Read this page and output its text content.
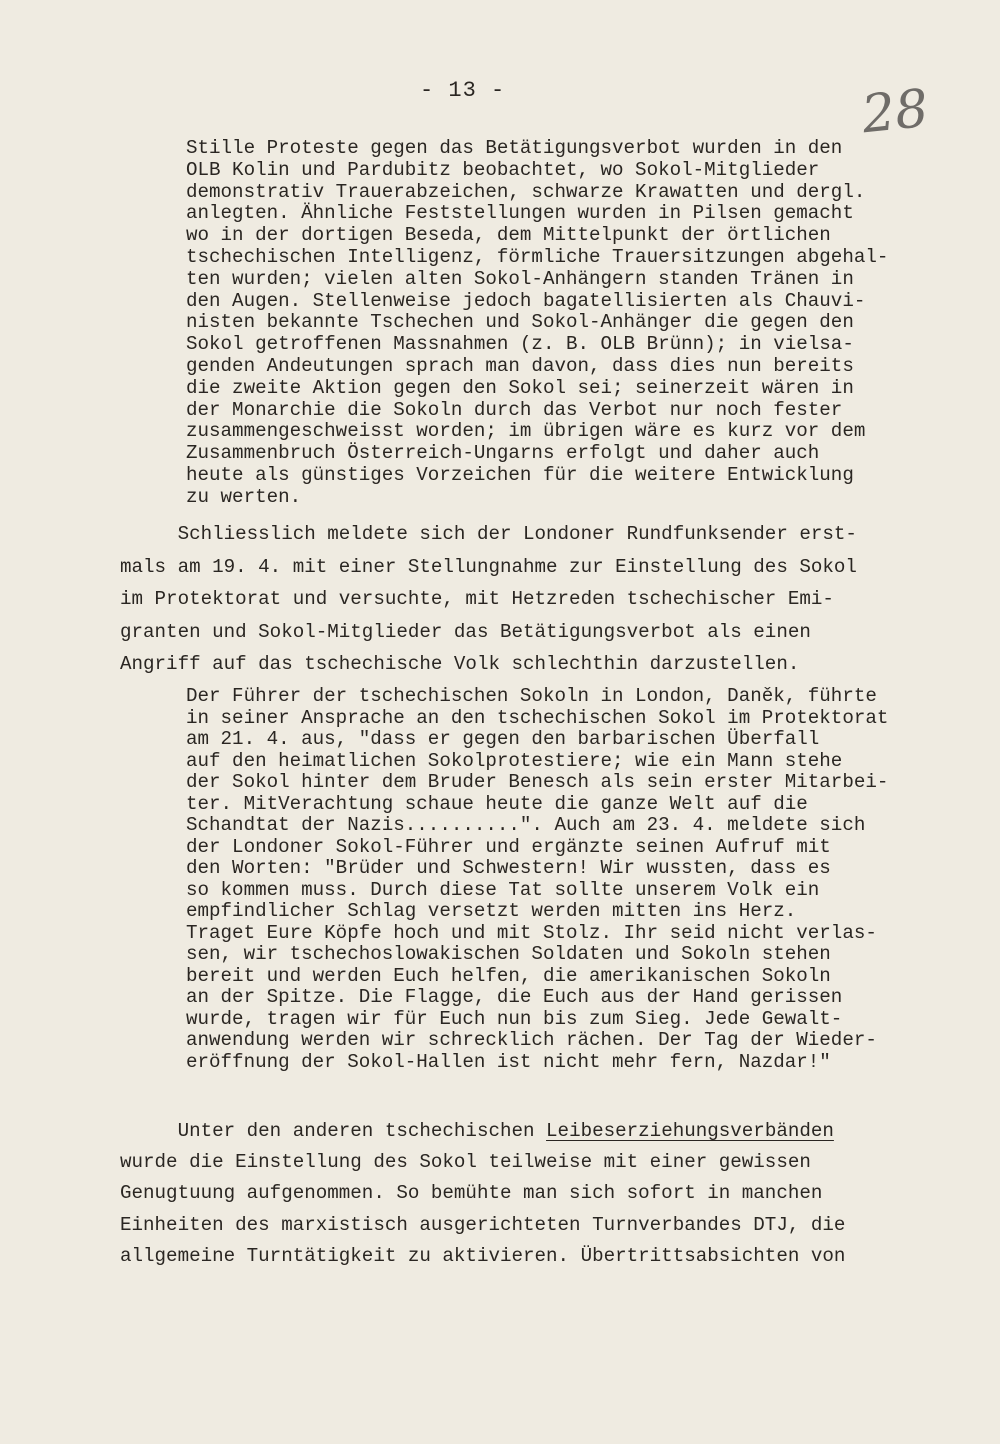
- 13 -	28
Stille Proteste gegen das Betätigungsverbot wurden in den
OLB Kolin und Pardubitz beobachtet, wo Sokol-Mitglieder
demonstrativ Trauerabzeichen, schwarze Krawatten und dergl.
anlegten. Ähnliche Feststellungen wurden in Pilsen gemacht
wo in der dortigen Beseda, dem Mittelpunkt der örtlichen
tschechischen Intelligenz, förmliche Trauersitzungen abgehal-
ten wurden; vielen alten Sokol-Anhängern standen Tränen in
den Augen. Stellenweise jedoch bagatellisierten als Chauvi-
nisten bekannte Tschechen und Sokol-Anhänger die gegen den
Sokol getroffenen Massnahmen (z. B. OLB Brünn); in vielsa-
genden Andeutungen sprach man davon, dass dies nun bereits
die zweite Aktion gegen den Sokol sei; seinerzeit wären in
der Monarchie die Sokoln durch das Verbot nur noch fester
zusammengeschweisst worden; im übrigen wäre es kurz vor dem
Zusammenbruch Österreich-Ungarns erfolgt und daher auch
heute als günstiges Vorzeichen für die weitere Entwicklung
zu werten.
Schliesslich meldete sich der Londoner Rundfunksender erst-
mals am 19. 4. mit einer Stellungnahme zur Einstellung des Sokol
im Protektorat und versuchte, mit Hetzreden tschechischer Emi-
granten und Sokol-Mitglieder das Betätigungsverbot als einen
Angriff auf das tschechische Volk schlechthin darzustellen.
Der Führer der tschechischen Sokoln in London, Daněk, führte
in seiner Ansprache an den tschechischen Sokol im Protektorat
am 21. 4. aus, "dass er gegen den barbarischen Überfall
auf den heimatlichen Sokolprotestiere; wie ein Mann stehe
der Sokol hinter dem Bruder Benesch als sein erster Mitarbei-
ter. MitVerachtung schaue heute die ganze Welt auf die
Schandtat der Nazis..........". Auch am 23. 4. meldete sich
der Londoner Sokol-Führer und ergänzte seinen Aufruf mit
den Worten: "Brüder und Schwestern! Wir wussten, dass es
so kommen muss. Durch diese Tat sollte unserem Volk ein
empfindlicher Schlag versetzt werden mitten ins Herz.
Traget Eure Köpfe hoch und mit Stolz. Ihr seid nicht verlas-
sen, wir tschechoslowakischen Soldaten und Sokoln stehen
bereit und werden Euch helfen, die amerikanischen Sokoln
an der Spitze. Die Flagge, die Euch aus der Hand gerissen
wurde, tragen wir für Euch nun bis zum Sieg. Jede Gewalt-
anwendung werden wir schrecklich rächen. Der Tag der Wieder-
eröffnung der Sokol-Hallen ist nicht mehr fern, Nazdar!"
Unter den anderen tschechischen Leibeserziehungsverbänden
wurde die Einstellung des Sokol teilweise mit einer gewissen
Genugtuung aufgenommen. So bemühte man sich sofort in manchen
Einheiten des marxistisch ausgerichteten Turnverbandes DTJ, die
allgemeine Turntätigkeit zu aktivieren. Übertrittsabsichten von
